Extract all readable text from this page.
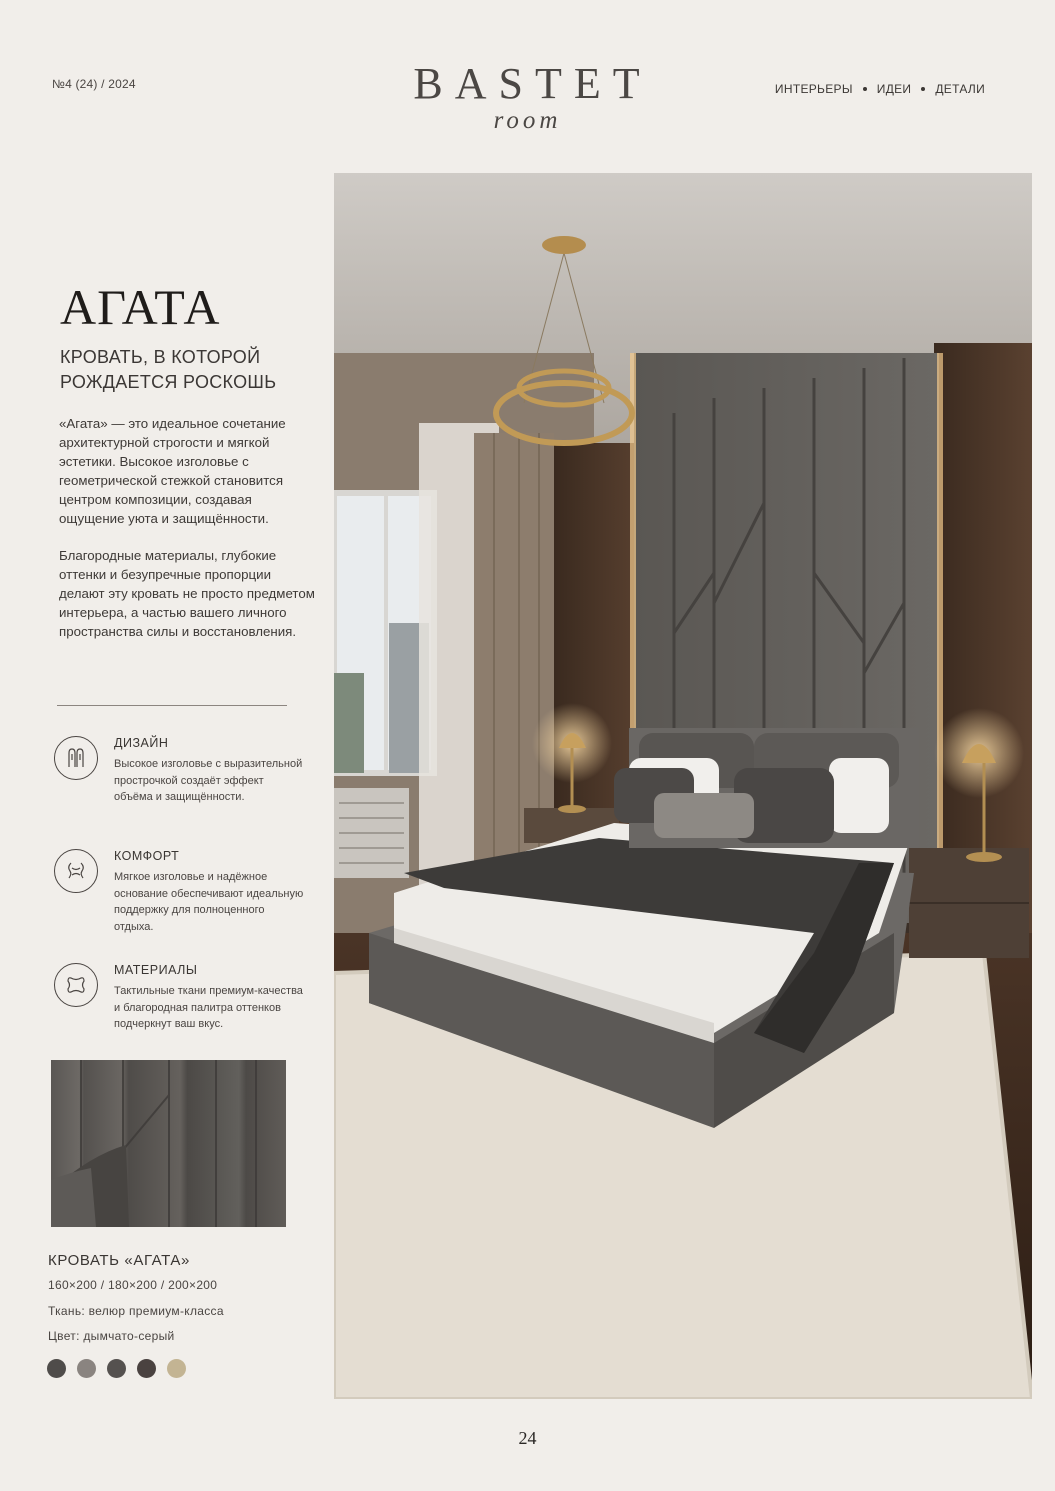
№4 (24) / 2024	BASTET
room
ИНТЕРЬЕРЫ ИДЕИ ДЕТАЛИ
АГАТА
КРОВАТЬ, В КОТОРОЙ РОЖДАЕТСЯ РОСКОШЬ
«Агата» — это идеальное сочетание архитектурной строгости и мягкой эстетики. Высокое изголовье с геометрической стежкой становится центром композиции, создавая ощущение уюта и защищённости.
Благородные материалы, глубокие оттенки и безупречные пропорции делают эту кровать не просто предметом интерьера, а частью вашего личного пространства силы и восстановления.
ДИЗАЙН
Высокое изголовье с выразительной прострочкой создаёт эффект объёма и защищённости.
КОМФОРТ
Мягкое изголовье и надёжное основание обеспечивают идеальную поддержку для полноценного отдыха.
МАТЕРИАЛЫ
Тактильные ткани премиум-качества и благородная палитра оттенков подчеркнут ваш вкус.
КРОВАТЬ «АГАТА»
160×200 / 180×200 / 200×200
Ткань: велюр премиум-класса
Цвет: дымчато-серый
24
